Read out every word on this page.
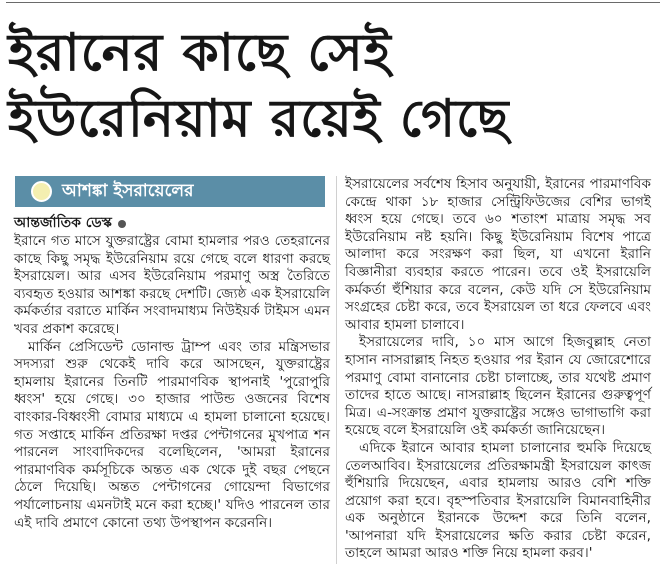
ইরানের কাছে সেই
ইউরেনিয়াম রয়েই গেছে
আশঙ্কা ইসরায়েলের
আন্তর্জাতিক ডেস্ক

ইরানে গত মাসে যুক্তরাষ্ট্রের বোমা হামলার পরও তেহরানের কাছে কিছু সমৃদ্ধ ইউরেনিয়াম রয়ে গেছে বলে ধারণা করছে ইসরায়েল। আর এসব ইউরেনিয়াম পরমাণু অস্ত্র তৈরিতে ব্যবহৃত হওয়ার আশঙ্কা করছে দেশটি। জ্যেষ্ঠ এক ইসরায়েলি কর্মকর্তার বরাতে মার্কিন সংবাদমাধ্যম নিউইয়র্ক টাইমস এমন খবর প্রকাশ করেছে।

মার্কিন প্রেসিডেন্ট ডোনাল্ড ট্রাম্প এবং তার মন্ত্রিসভার সদস্যরা শুরু থেকেই দাবি করে আসছেন, যুক্তরাষ্ট্রের হামলায় ইরানের তিনটি পারমাণবিক স্থাপনাই 'পুরোপুরি ধ্বংস' হয়ে গেছে। ৩০ হাজার পাউন্ড ওজনের বিশেষ বাংকার-বিধ্বংসী বোমার মাধ্যমে এ হামলা চালানো হয়েছে। গত সপ্তাহে মার্কিন প্রতিরক্ষা দপ্তর পেন্টাগনের মুখপাত্র শন পারনেল সাংবাদিকদের বলেছিলেন, 'আমরা ইরানের পারমাণবিক কর্মসূচিকে অন্তত এক থেকে দুই বছর পেছনে ঠেলে দিয়েছি। অন্তত পেন্টাগনের গোয়েন্দা বিভাগের পর্যালোচনায় এমনটাই মনে করা হচ্ছে।' যদিও পারনেল তার এই দাবি প্রমাণে কোনো তথ্য উপস্থাপন করেননি।

ইসরায়েলের সর্বশেষ হিসাব অনুযায়ী, ইরানের পারমাণবিক কেন্দ্রে থাকা ১৮ হাজার সেন্ট্রিফিউজের বেশির ভাগই ধ্বংস হয়ে গেছে। তবে ৬০ শতাংশ মাত্রায় সমৃদ্ধ সব ইউরেনিয়াম নষ্ট হয়নি। কিছু ইউরেনিয়াম বিশেষ পাত্রে আলাদা করে সংরক্ষণ করা ছিল, যা এখনো ইরানি বিজ্ঞানীরা ব্যবহার করতে পারেন। তবে ওই ইসরায়েলি কর্মকর্তা হুঁশিয়ার করে বলেন, কেউ যদি সে ইউরেনিয়াম সংগ্রহের চেষ্টা করে, তবে ইসরায়েল তা ধরে ফেলবে এবং আবার হামলা চালাবে।

ইসরায়েলের দাবি, ১০ মাস আগে হিজবুল্লাহ নেতা হাসান নাসরাল্লাহ নিহত হওয়ার পর ইরান যে জোরেশোরে পরমাণু বোমা বানানোর চেষ্টা চালাচ্ছে, তার যথেষ্ট প্রমাণ তাদের হাতে আছে। নাসরাল্লাহ ছিলেন ইরানের গুরুত্বপূর্ণ মিত্র। এ-সংক্রান্ত প্রমাণ যুক্তরাষ্ট্রের সঙ্গেও ভাগাভাগি করা হয়েছে বলে ইসরায়েলি ওই কর্মকর্তা জানিয়েছেন।

এদিকে ইরানে আবার হামলা চালানোর হুমকি দিয়েছে তেলআবিব। ইসরায়েলের প্রতিরক্ষামন্ত্রী ইসরায়েল কাৎজ হুঁশিয়ারি দিয়েছেন, এবার হামলায় আরও বেশি শক্তি প্রয়োগ করা হবে। বৃহস্পতিবার ইসরায়েলি বিমানবাহিনীর এক অনুষ্ঠানে ইরানকে উদ্দেশ করে তিনি বলেন, 'আপনারা যদি ইসরায়েলের ক্ষতি করার চেষ্টা করেন, তাহলে আমরা আরও শক্তি নিয়ে হামলা করব।'
